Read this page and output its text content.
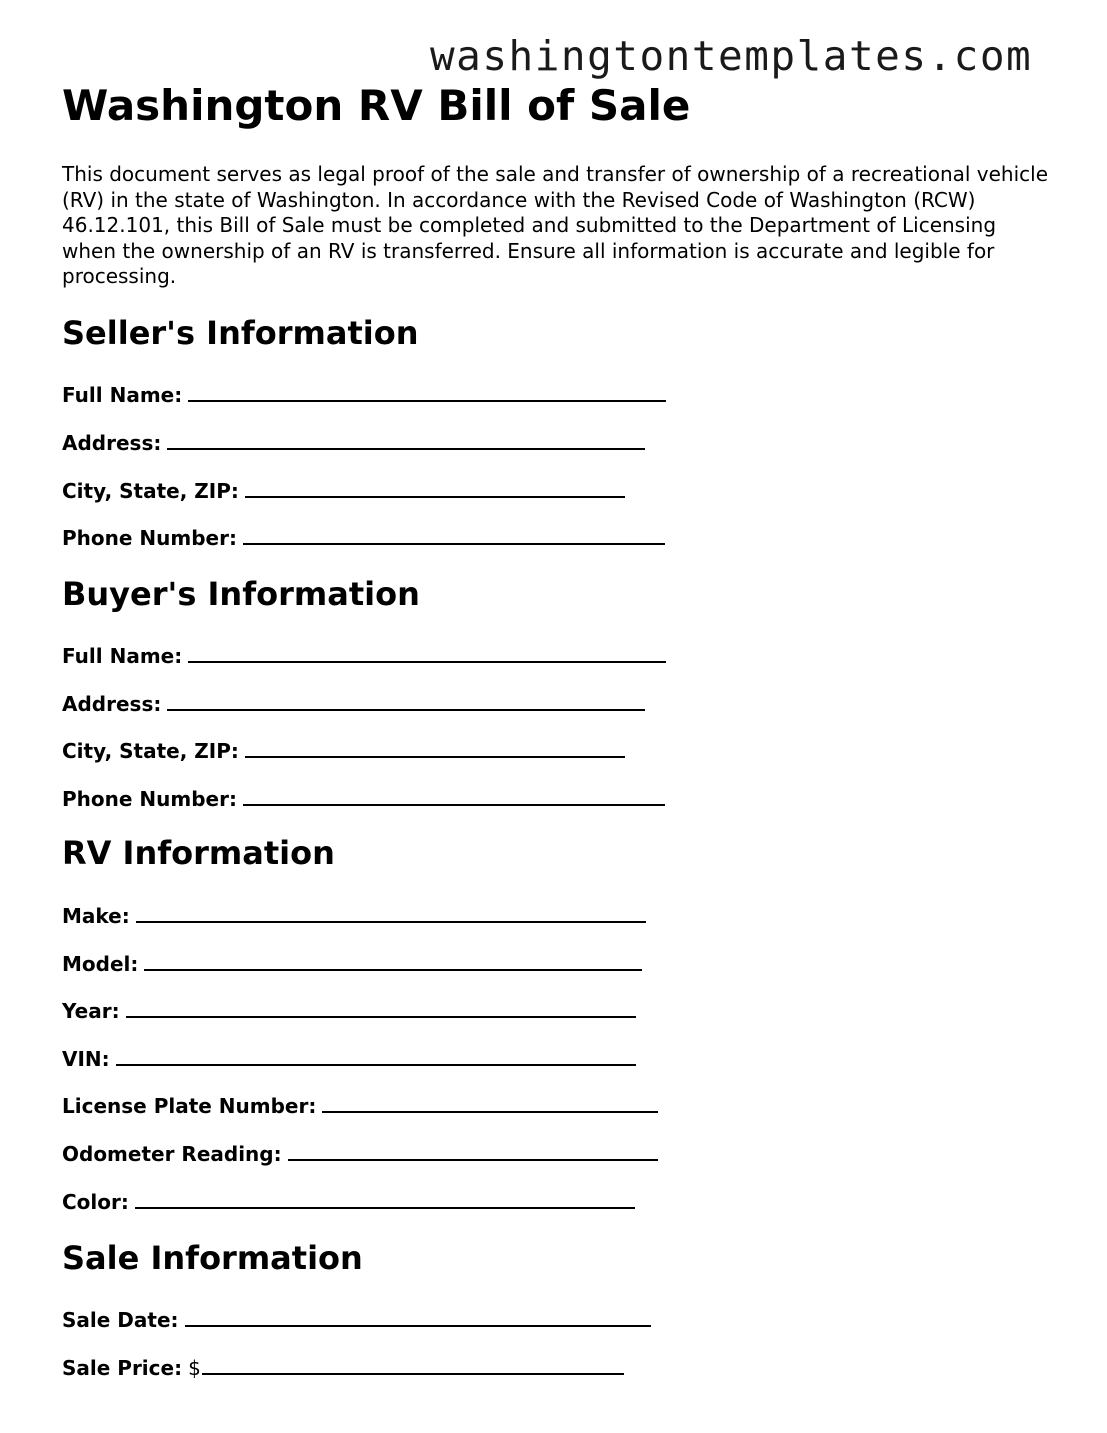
washingtontemplates.com
Washington RV Bill of Sale

This document serves as legal proof of the sale and transfer of ownership of a recreational vehicle (RV) in the state of Washington. In accordance with the Revised Code of Washington (RCW) 46.12.101, this Bill of Sale must be completed and submitted to the Department of Licensing when the ownership of an RV is transferred. Ensure all information is accurate and legible for processing.

Seller's Information
Full Name:
Address:
City, State, ZIP:
Phone Number:
Buyer's Information
Full Name:
Address:
City, State, ZIP:
Phone Number:
RV Information
Make:
Model:
Year:
VIN:
License Plate Number:
Odometer Reading:
Color:
Sale Information
Sale Date:
Sale Price: $
